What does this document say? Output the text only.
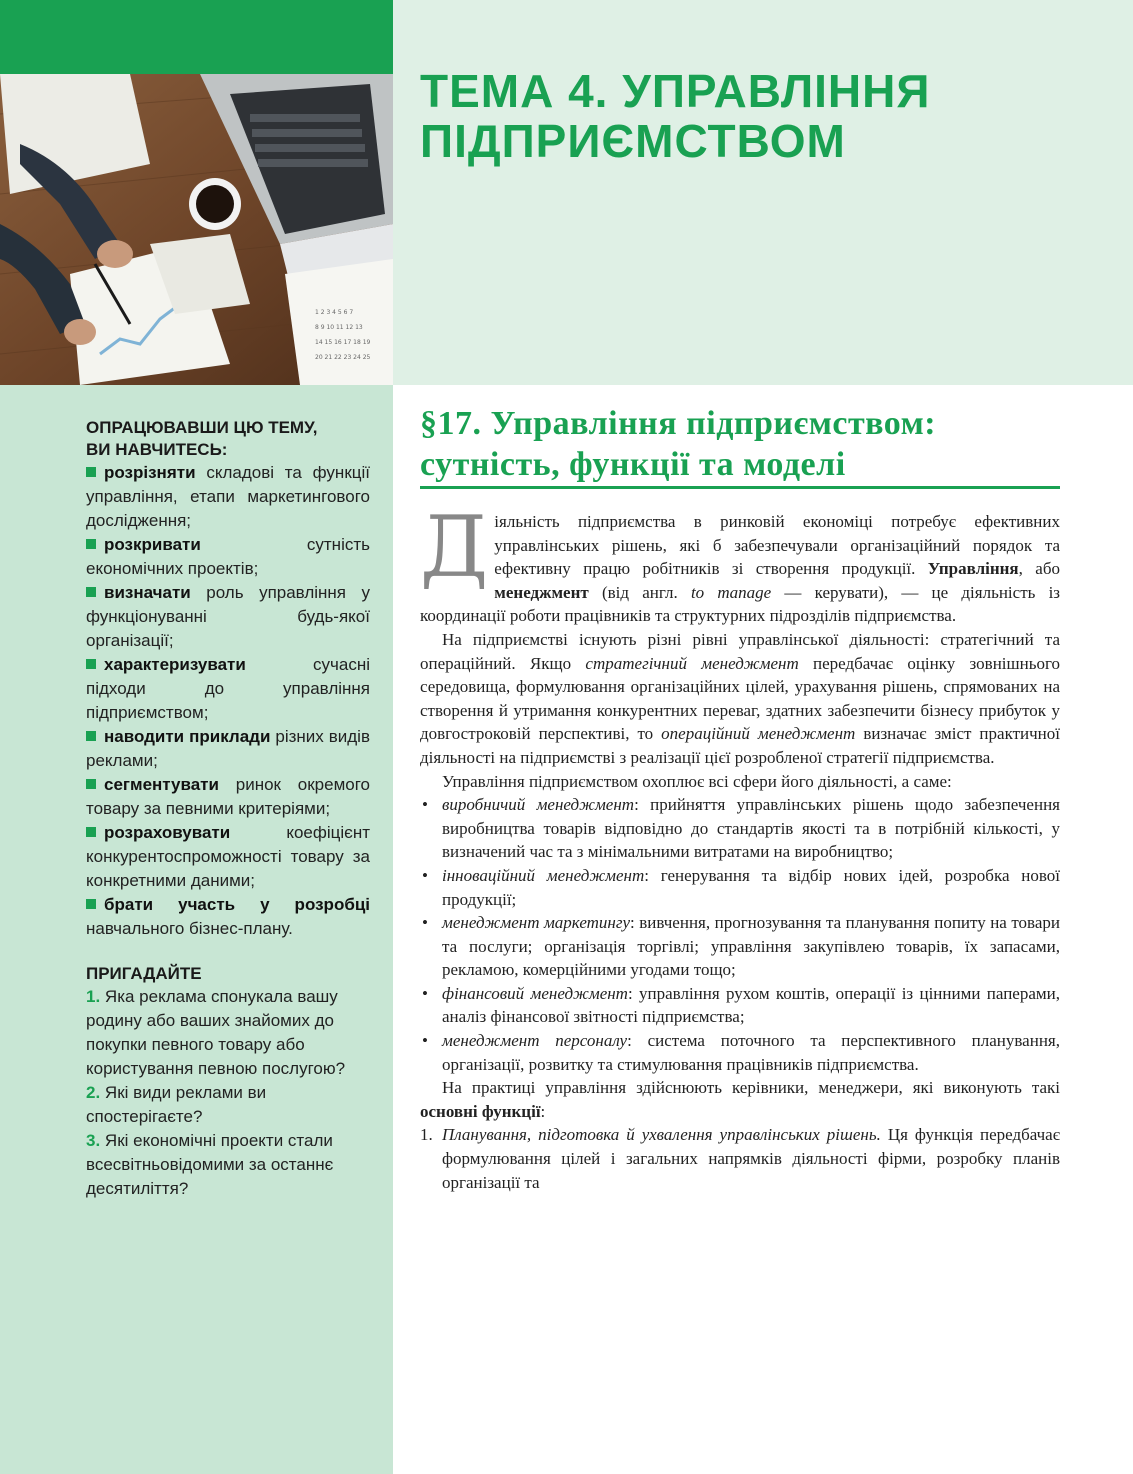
1 2 3 4 5 6 7
8 9 10 11 12 13
14 15 16 17 18 19
20 21 22 23 24 25
ТЕМА 4. УПРАВЛІННЯ
ПІДПРИЄМСТВОМ
ОПРАЦЮВАВШИ ЦЮ ТЕМУ,
ВИ НАВЧИТЕСЬ:

розрізняти складові та функції управління, етапи маркетингового дослідження;

розкривати сутність економічних проектів;

визначати роль управління у функціонуванні будь-якої організації;

характеризувати сучасні підходи до управління підприємством;

наводити приклади різних видів реклами;

сегментувати ринок окремого товару за певними критеріями;

розраховувати коефіцієнт конкурентоспроможності товару за конкретними даними;

брати участь у розробці навчального бізнес-плану.

ПРИГАДАЙТЕ

1. Яка реклама спонукала вашу родину або ваших знайомих до покупки певного товару або користування певною послугою?

2. Які види реклами ви спостерігаєте?

3. Які економічні проекти стали всесвітньовідомими за останнє десятиліття?

§17. Управління підприємством:
сутність, функції та моделі

Діяльність підприємства в ринковій економіці потребує ефективних управлінських рішень, які б забезпечували організаційний порядок та ефективну працю робітників зі створення продукції. Управління, або менеджмент (від англ. to manage — керувати), — це діяльність із координації роботи працівників та структурних підрозділів підприємства.

На підприємстві існують різні рівні управлінської діяльності: стратегічний та операційний. Якщо стратегічний менеджмент передбачає оцінку зовнішнього середовища, формулювання організаційних цілей, урахування рішень, спрямованих на створення й утримання конкурентних переваг, здатних забезпечити бізнесу прибуток у довгостроковій перспективі, то операційний менеджмент визначає зміст практичної діяльності на підприємстві з реалізації цієї розробленої стратегії підприємства.

Управління підприємством охоплює всі сфери його діяльності, а саме:

• виробничий менеджмент: прийняття управлінських рішень щодо забезпечення виробництва товарів відповідно до стандартів якості та в потрібній кількості, у визначений час та з мінімальними витратами на виробництво;
• інноваційний менеджмент: генерування та відбір нових ідей, розробка нової продукції;
• менеджмент маркетингу: вивчення, прогнозування та планування попиту на товари та послуги; організація торгівлі; управління закупівлею товарів, їх запасами, рекламою, комерційними угодами тощо;
• фінансовий менеджмент: управління рухом коштів, операції із цінними паперами, аналіз фінансової звітності підприємства;
• менеджмент персоналу: система поточного та перспективного планування, організації, розвитку та стимулювання працівників підприємства.

На практиці управління здійснюють керівники, менеджери, які виконують такі основні функції:

1. Планування, підготовка й ухвалення управлінських рішень. Ця функція передбачає формулювання цілей і загальних напрямків діяльності фірми, розробку планів організації та
